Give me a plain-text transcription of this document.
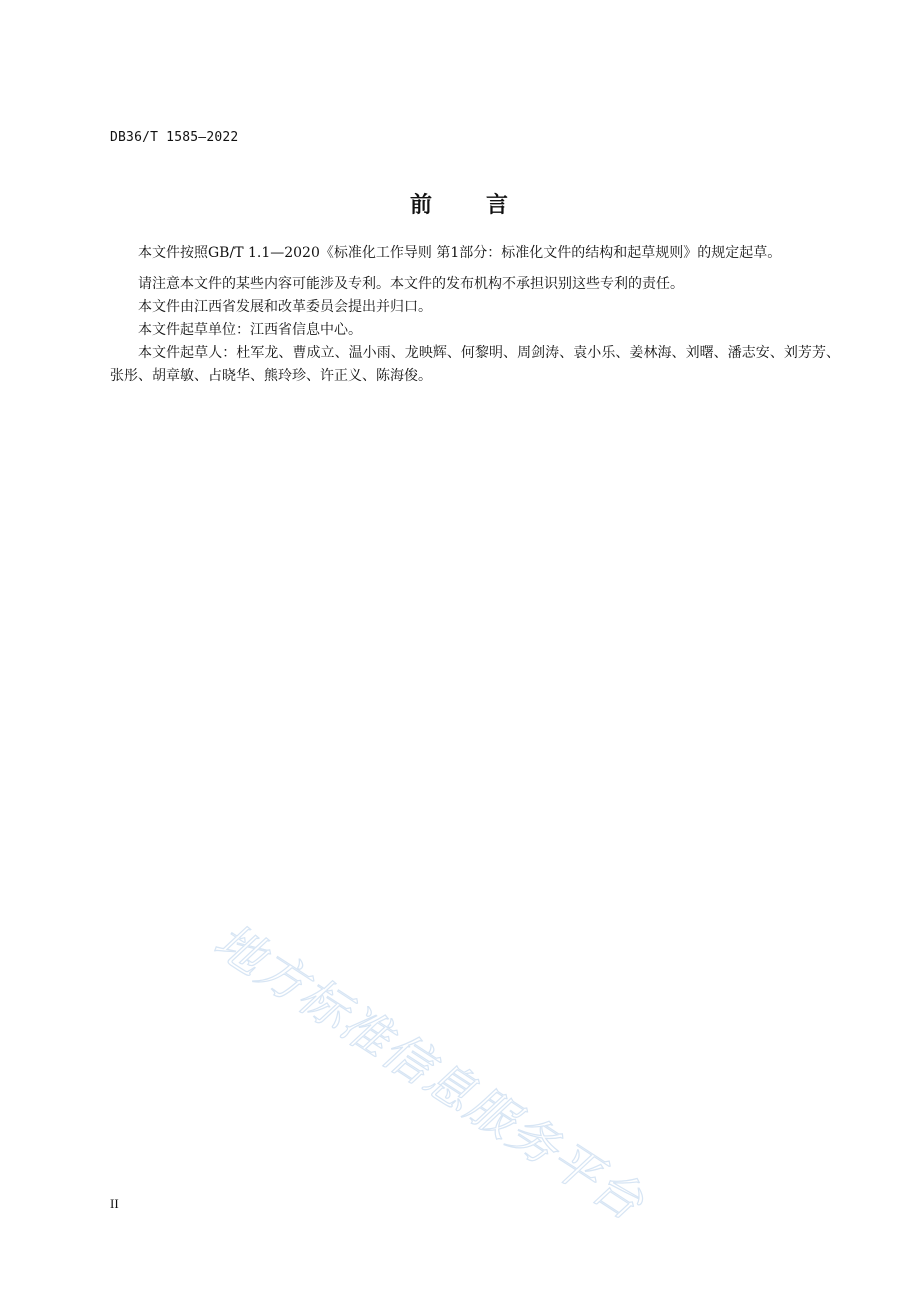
DB36/T 1585—2022
前 言

本文件按照GB/T 1.1—2020《标准化工作导则 第1部分：标准化文件的结构和起草规则》的规定起草。

请注意本文件的某些内容可能涉及专利。本文件的发布机构不承担识别这些专利的责任。

本文件由江西省发展和改革委员会提出并归口。

本文件起草单位：江西省信息中心。

本文件起草人：杜军龙、曹成立、温小雨、龙映辉、何黎明、周剑涛、袁小乐、姜林海、刘曙、潘志安、刘芳芳、张彤、胡章敏、占晓华、熊玲珍、许正义、陈海俊。

地方标准信息服务平台
II
